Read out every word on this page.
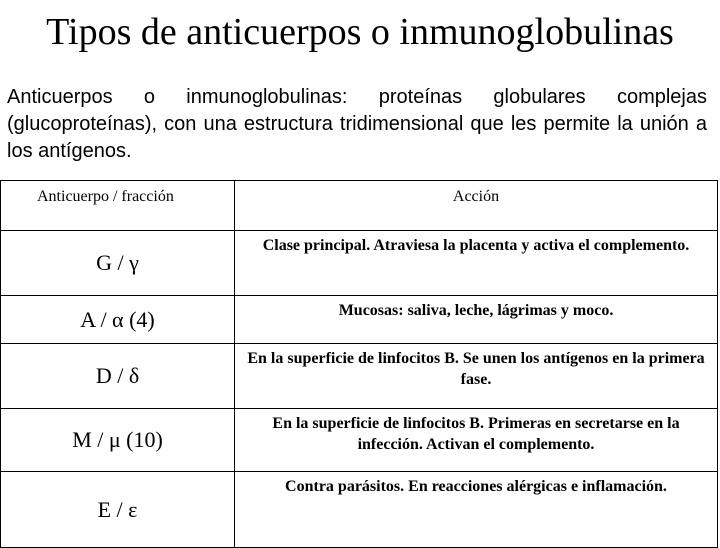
Tipos de anticuerpos o inmunoglobulinas
Anticuerpos o inmunoglobulinas: proteínas globulares complejas (glucoproteínas), con una estructura tridimensional que les permite la unión a los antígenos.
Anticuerpo / fracción	Acción
G / γ	Clase principal. Atraviesa la placenta y activa el complemento.
A / α (4)	Mucosas: saliva, leche, lágrimas y moco.
D / δ	En la superficie de linfocitos B. Se unen los antígenos en la primera fase.
M / μ (10)	En la superficie de linfocitos B. Primeras en secretarse en la infección. Activan el complemento.
E / ε	Contra parásitos. En reacciones alérgicas e inflamación.
